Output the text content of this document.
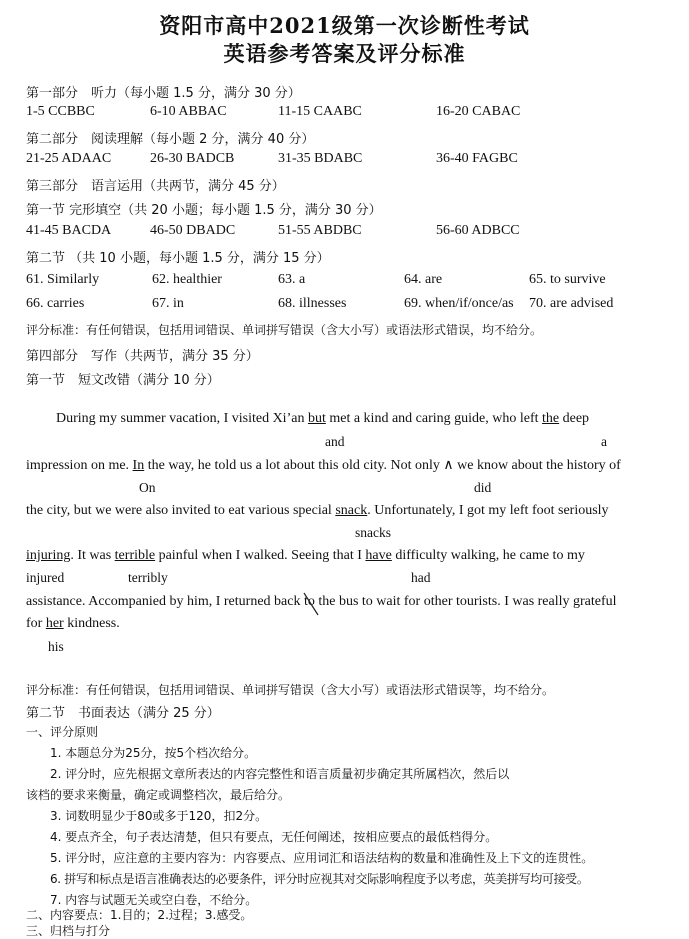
资阳市高中2021级第一次诊断性考试
英语参考答案及评分标准
第一部分　听力（每小题 1.5 分，满分 30 分）
1-5 CCBBC	6-10 ABBAC	11-15 CAABC	16-20 CABAC
第二部分　阅读理解（每小题 2 分，满分 40 分）
21-25 ADAAC	26-30 BADCB	31-35 BDABC	36-40 FAGBC
第三部分　语言运用（共两节，满分 45 分）
第一节 完形填空（共 20 小题；每小题 1.5 分，满分 30 分）
41-45 BACDA	46-50 DBADC	51-55 ABDBC	56-60 ADBCC
第二节 （共 10 小题，每小题 1.5 分，满分 15 分）
61. Similarly	62. healthier	63. a	64. are	65. to survive
66. carries	67. in	68. illnesses	69. when/if/once/as 70. are advised
评分标准：有任何错误，包括用词错误、单词拼写错误（含大小写）或语法形式错误，均不给分。
第四部分　写作（共两节，满分 35 分）
第一节　短文改错（满分 10 分）
During my summer vacation, I visited Xi’an but met a kind and caring guide, who left the deep
and	a
impression on me. In the way, he told us a lot about this old city. Not only ∧ we know about the history of
On	did
the city, but we were also invited to eat various special snack. Unfortunately, I got my left foot seriously
snacks
injuring. It was terrible painful when I walked. Seeing that I have difficulty walking, he came to my
injured	terribly	had
assistance. Accompanied by him, I returned back to the bus to wait for other tourists. I was really grateful
for her kindness.
his
评分标准：有任何错误，包括用词错误、单词拼写错误（含大小写）或语法形式错误等，均不给分。
第二节　书面表达（满分 25 分）
一、评分原则
1. 本题总分为25分，按5个档次给分。
2. 评分时，应先根据文章所表达的内容完整性和语言质量初步确定其所属档次，然后以
该档的要求来衡量，确定或调整档次，最后给分。
3. 词数明显少于80或多于120，扣2分。
4. 要点齐全，句子表达清楚，但只有要点，无任何阐述，按相应要点的最低档得分。
5. 评分时，应注意的主要内容为：内容要点、应用词汇和语法结构的数量和准确性及上下文的连贯性。
6. 拼写和标点是语言准确表达的必要条件，评分时应视其对交际影响程度予以考虑，英美拼写均可接受。
7. 内容与试题无关或空白卷，不给分。
二、内容要点：1.目的；2.过程；3.感受。
三、归档与打分
